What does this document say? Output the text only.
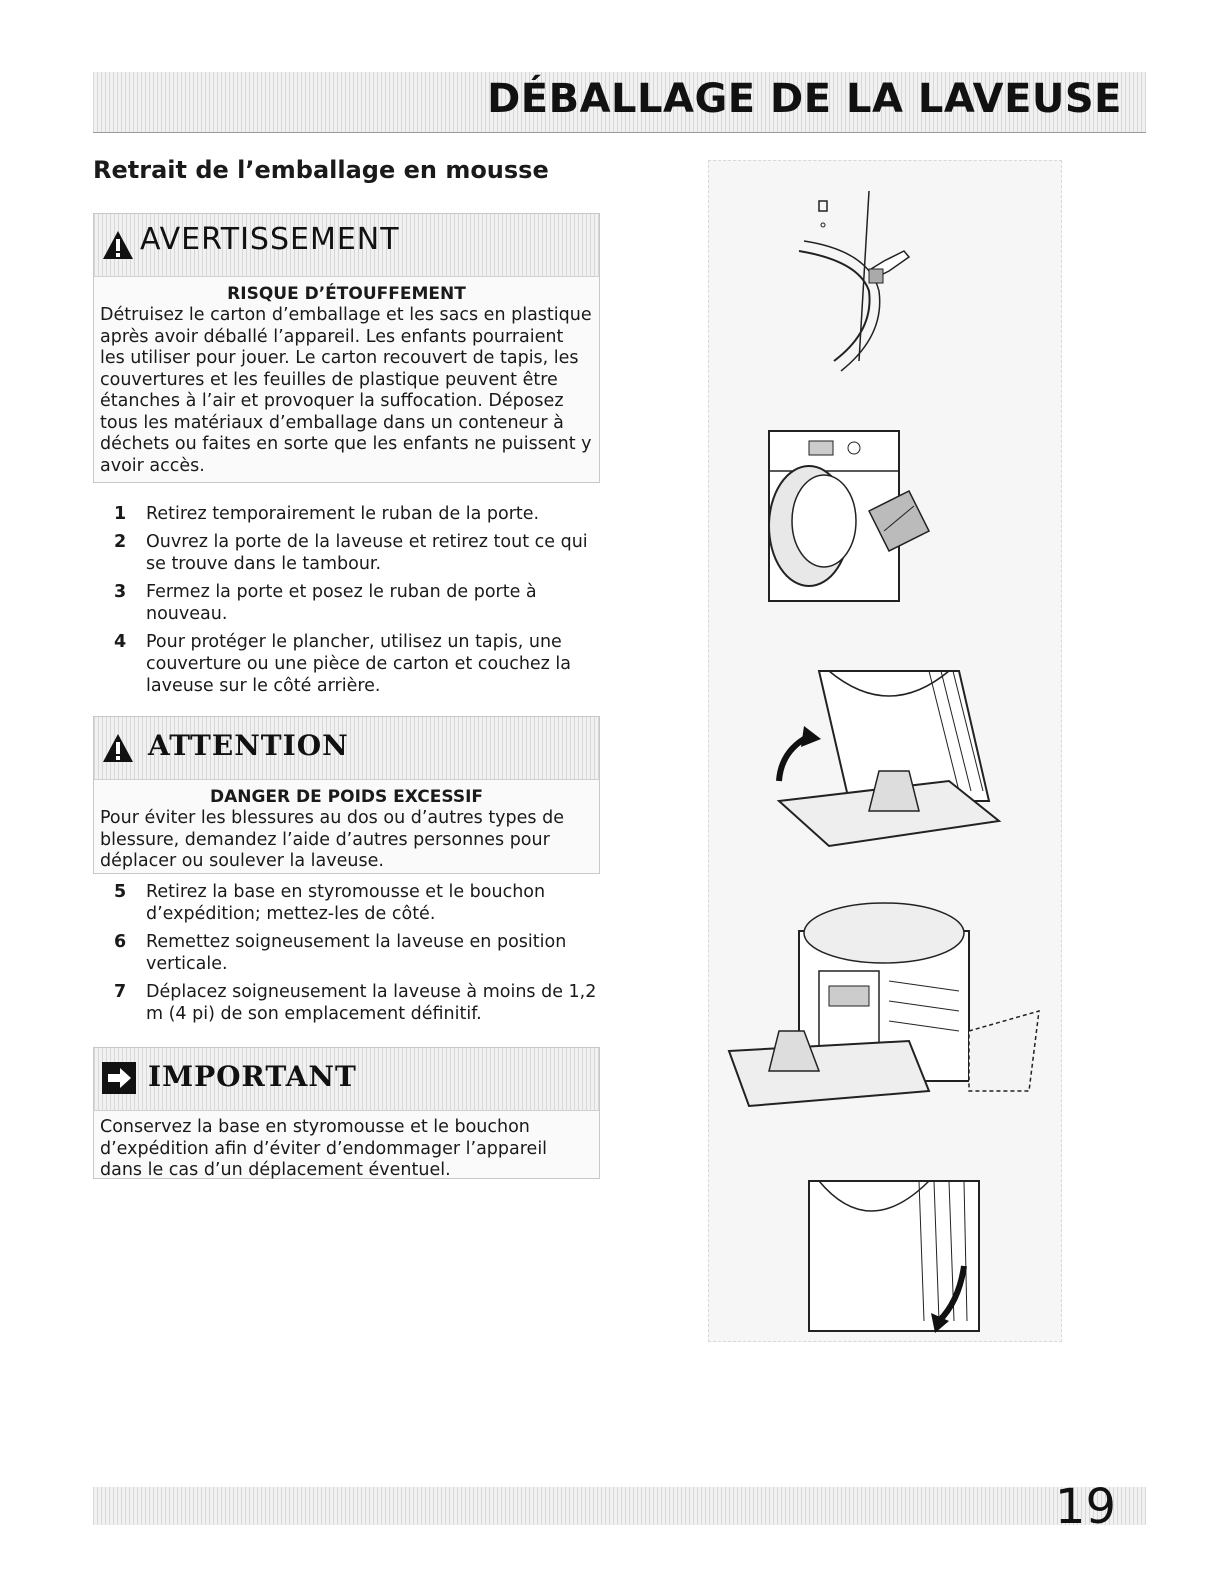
DÉBALLAGE DE LA LAVEUSE
Retrait de l’emballage en mousse
AVERTISSEMENT
RISQUE D’ÉTOUFFEMENT
Détruisez le carton d’emballage et les sacs en plastique après avoir déballé l’appareil. Les enfants pourraient les utiliser pour jouer. Le carton recouvert de tapis, les couvertures et les feuilles de plastique peuvent être étanches à l’air et provoquer la suffocation. Déposez tous les matériaux d’emballage dans un conteneur à déchets ou faites en sorte que les enfants ne puissent y avoir accès.
1 Retirez temporairement le ruban de la porte.
2 Ouvrez la porte de la laveuse et retirez tout ce qui se trouve dans le tambour.
3 Fermez la porte et posez le ruban de porte à nouveau.
4 Pour protéger le plancher, utilisez un tapis, une couverture ou une pièce de carton et couchez la laveuse sur le côté arrière.
ATTENTION
DANGER DE POIDS EXCESSIF
Pour éviter les blessures au dos ou d’autres types de blessure, demandez l’aide d’autres personnes pour déplacer ou soulever la laveuse.
5 Retirez la base en styromousse et le bouchon d’expédition; mettez-les de côté.
6 Remettez soigneusement la laveuse en position verticale.
7 Déplacez soigneusement la laveuse à moins de 1,2 m (4 pi) de son emplacement définitif.
IMPORTANT
Conservez la base en styromousse et le bouchon d’expédition afin d’éviter d’endommager l’appareil dans le cas d’un déplacement éventuel.
19
